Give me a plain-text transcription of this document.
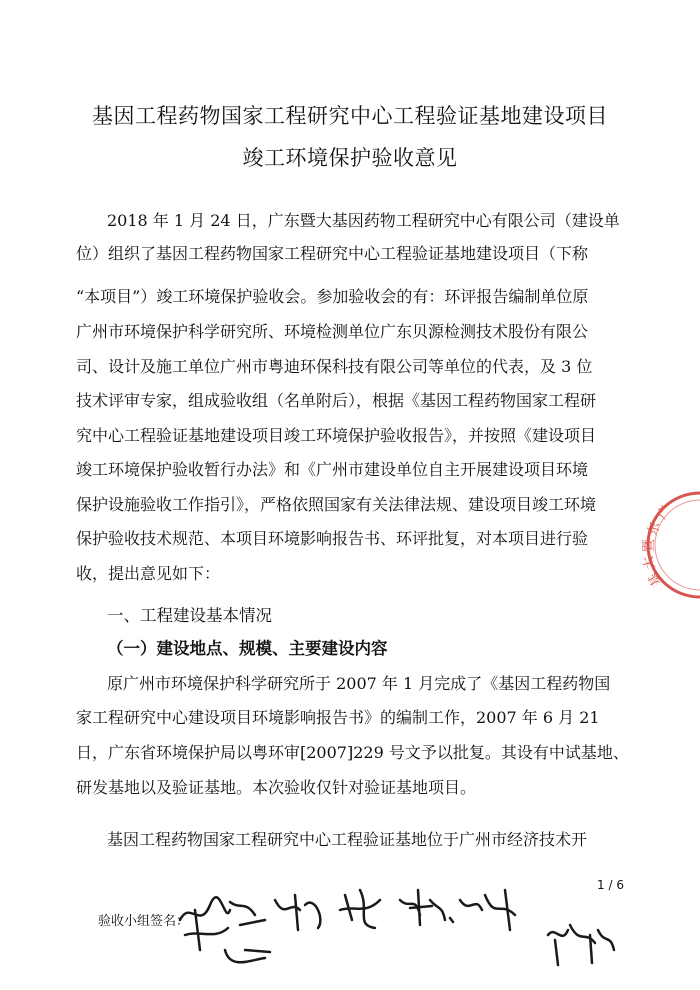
基因工程药物国家工程研究中心工程验证基地建设项目
竣工环境保护验收意见
2018 年 1 月 24 日，广东暨大基因药物工程研究中心有限公司（建设单
位）组织了基因工程药物国家工程研究中心工程验证基地建设项目（下称
“本项目”）竣工环境保护验收会。参加验收会的有：环评报告编制单位原
广州市环境保护科学研究所、环境检测单位广东贝源检测技术股份有限公
司、设计及施工单位广州市粤迪环保科技有限公司等单位的代表，及 3 位
技术评审专家，组成验收组（名单附后），根据《基因工程药物国家工程研
究中心工程验证基地建设项目竣工环境保护验收报告》，并按照《建设项目
竣工环境保护验收暂行办法》和《广州市建设单位自主开展建设项目环境
保护设施验收工作指引》，严格依照国家有关法律法规、建设项目竣工环境
保护验收技术规范、本项目环境影响报告书、环评批复，对本项目进行验
收，提出意见如下：
一、工程建设基本情况
（一）建设地点、规模、主要建设内容
原广州市环境保护科学研究所于 2007 年 1 月完成了《基因工程药物国
家工程研究中心建设项目环境影响报告书》的编制工作，2007 年 6 月 21
日，广东省环境保护局以粤环审[2007]229 号文予以批复。其设有中试基地、
研发基地以及验证基地。本次验收仅针对验证基地项目。
基因工程药物国家工程研究中心工程验证基地位于广州市经济技术开
1 / 6
验收小组签名：
广
东
暨
大
基
